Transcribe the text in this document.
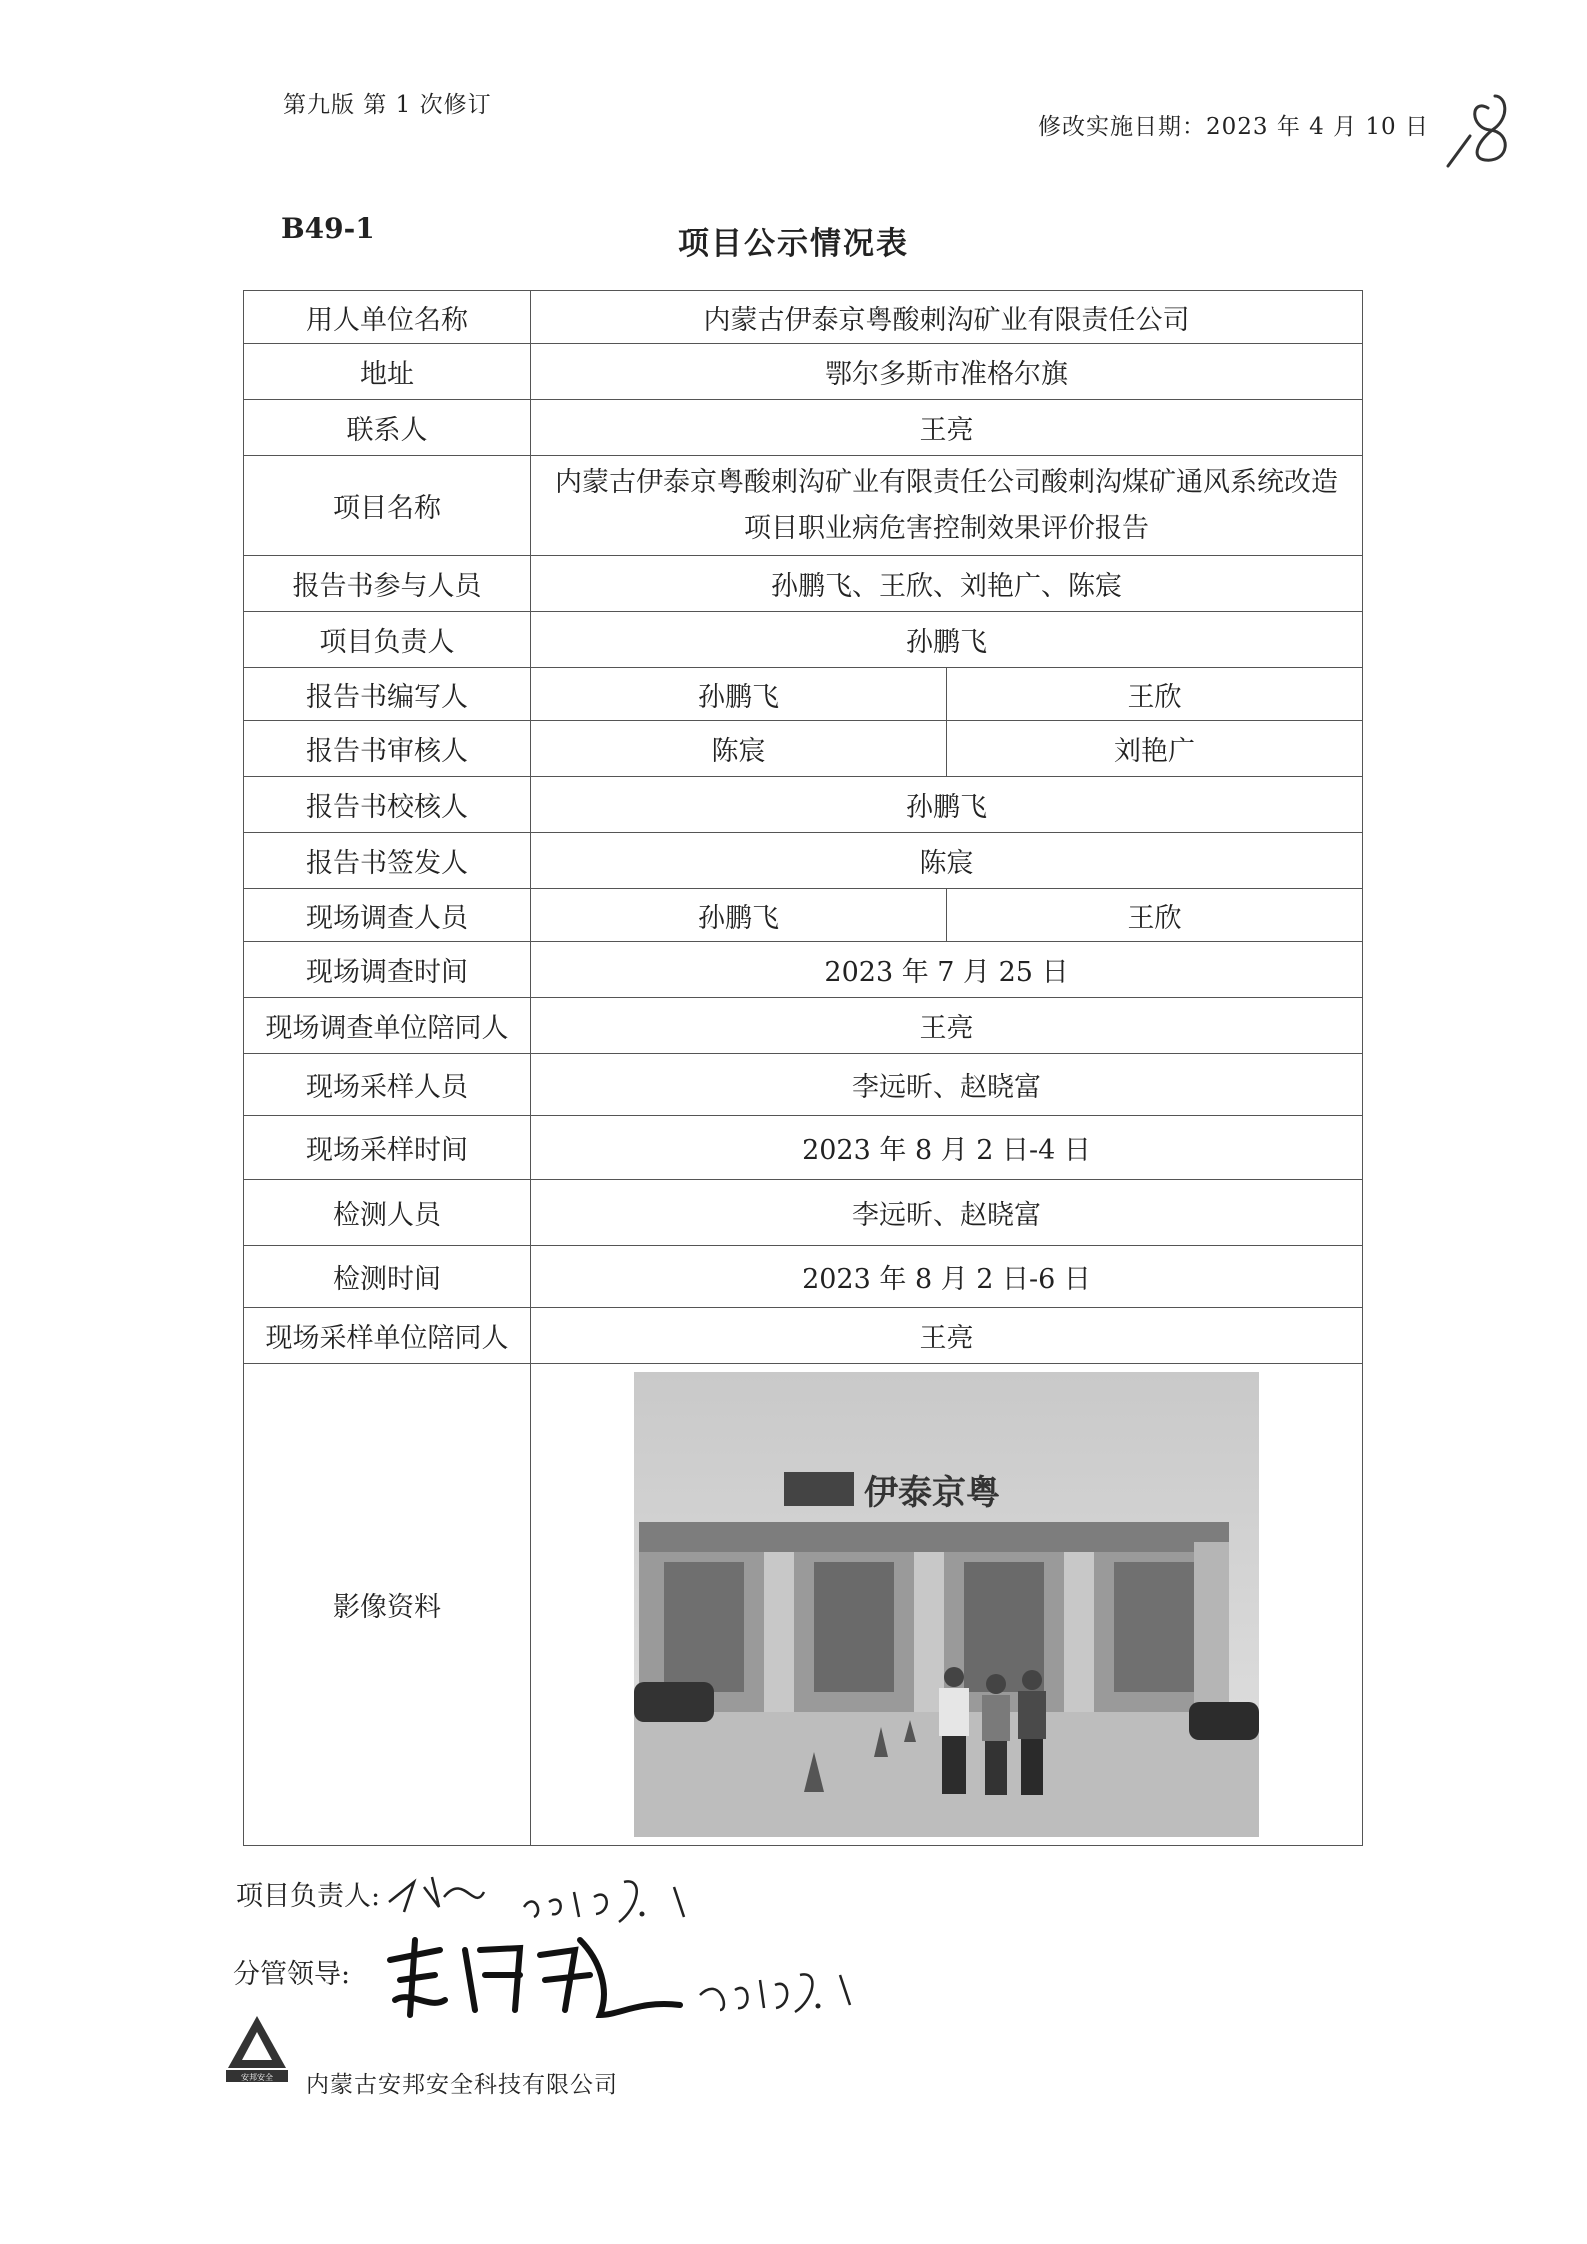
第九版 第 1 次修订
修改实施日期：2023 年 4 月 10 日
B49-1	项目公示情况表
用人单位名称	内蒙古伊泰京粤酸刺沟矿业有限责任公司	
地址	鄂尔多斯市准格尔旗	
联系人	王亮	
项目名称	内蒙古伊泰京粤酸刺沟矿业有限责任公司酸刺沟煤矿通风系统改造
项目职业病危害控制效果评价报告	

报告书参与人员	孙鹏飞、王欣、刘艳广、陈宸	
项目负责人	孙鹏飞	
报告书编写人	孙鹏飞	王欣
报告书审核人	陈宸	刘艳广
报告书校核人	孙鹏飞	
报告书签发人	陈宸	
现场调查人员	孙鹏飞	王欣
现场调查时间	2023 年 7 月 25 日	
现场调查单位陪同人	王亮	
现场采样人员	李远昕、赵晓富	
现场采样时间	2023 年 8 月 2 日-4 日	
检测人员	李远昕、赵晓富	
检测时间	2023 年 8 月 2 日-6 日	
现场采样单位陪同人	王亮	
影像资料	伊泰京粤	
项目负责人:
分管领导:
安邦安全 内蒙古安邦安全科技有限公司
